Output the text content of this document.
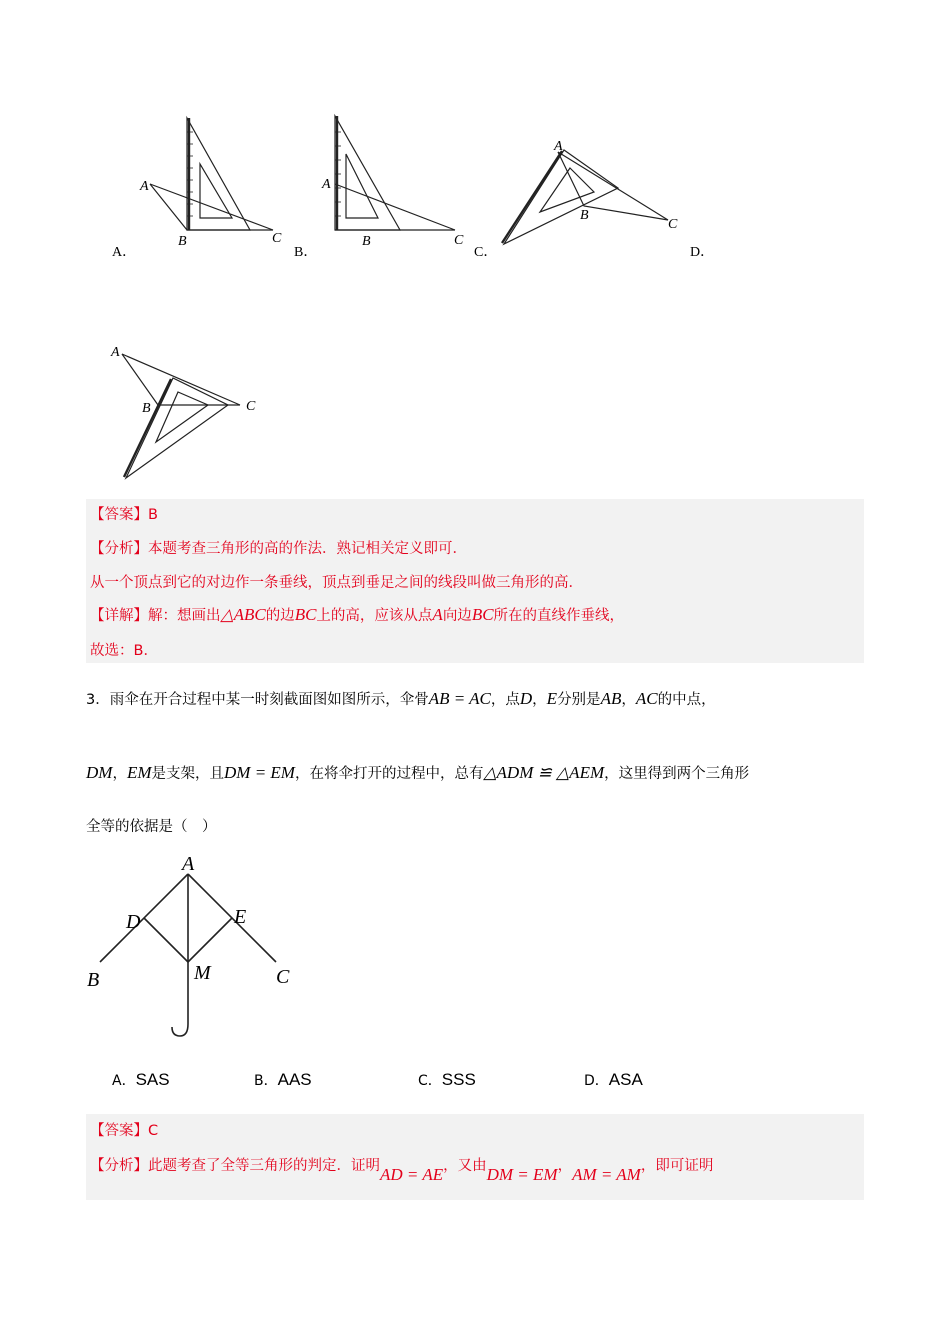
A
B	C
A．
A
B	C
B．
A
B
C
C．	D．
A
B	C
【答案】B
【分析】本题考查三角形的高的作法．熟记相关定义即可．
从一个顶点到它的对边作一条垂线，顶点到垂足之间的线段叫做三角形的高．
【详解】解：想画出△ABC的边BC上的高，应该从点A向边BC所在的直线作垂线，
故选：B．
3．雨伞在开合过程中某一时刻截面图如图所示，伞骨AB = AC，点D，E分别是AB，AC的中点，
DM，EM是支架，且DM = EM，在将伞打开的过程中，总有△ADM ≌ △AEM，这里得到两个三角形
全等的依据是（　）
A
D	E
M
B	C
A．SAS	B．AAS	C．SSS	D．ASA
【答案】C
【分析】此题考查了全等三角形的判定．证明AD = AE，又由DM = EM，AM = AM，即可证明
